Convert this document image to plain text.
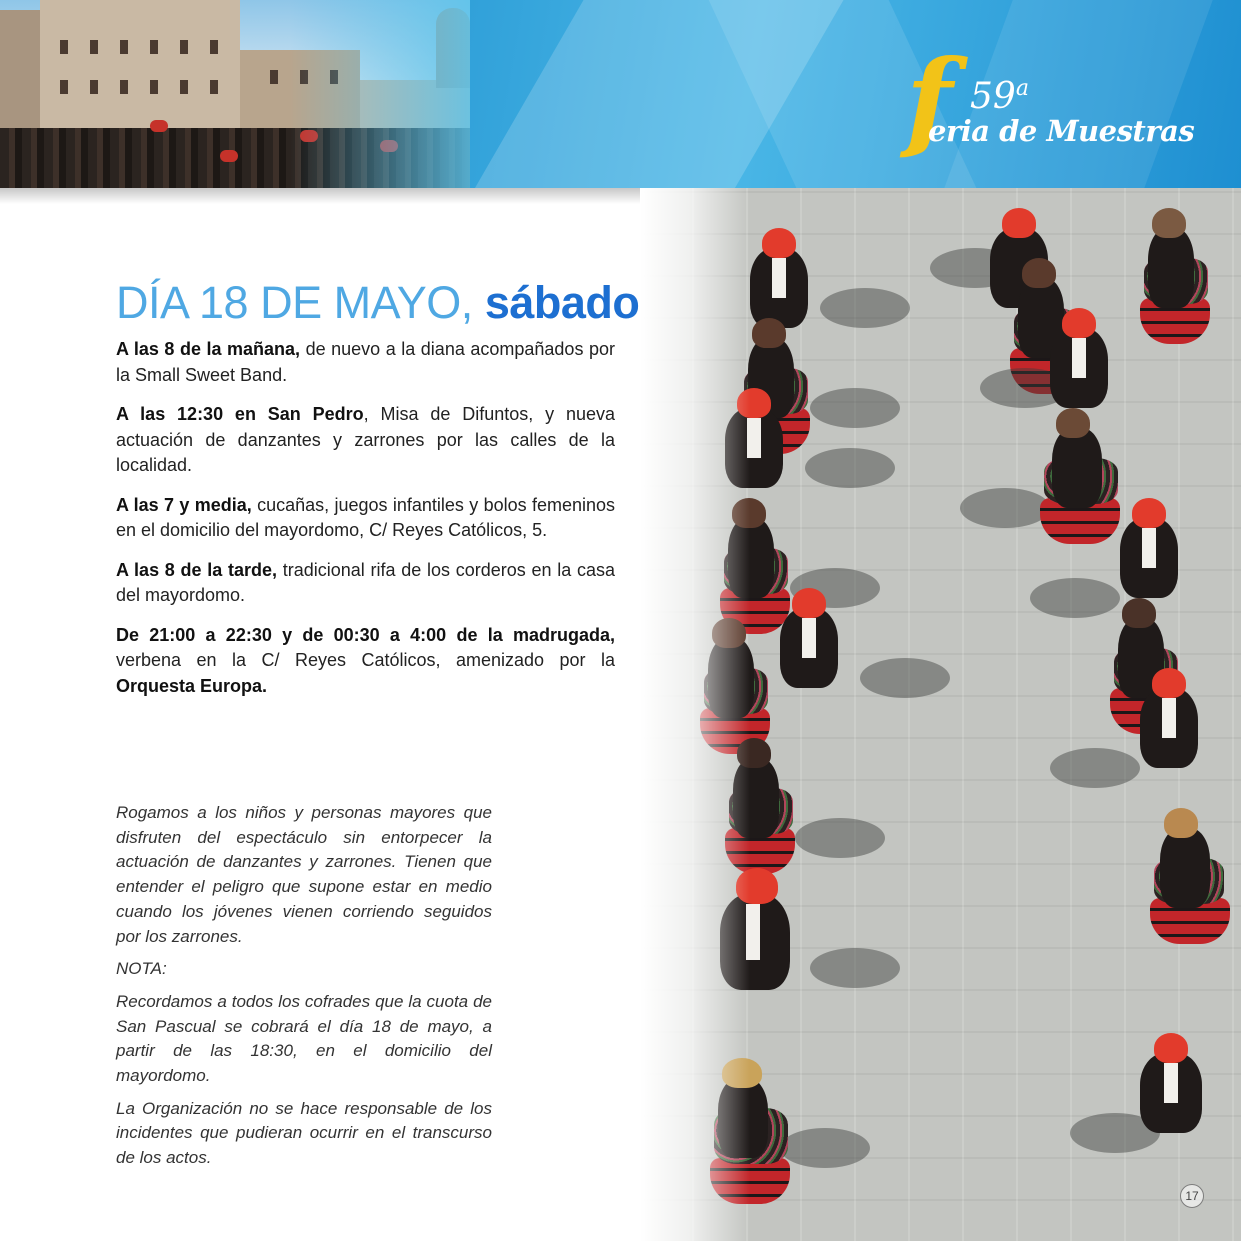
f 59$^a$
eria de Muestras
DÍA 18 DE MAYO, sábado

A las 8 de la mañana, de nuevo a la diana acompañados por la Small Sweet Band.

A las 12:30 en San Pedro, Misa de Difuntos, y nueva actuación de danzantes y zarrones por las calles de la localidad.

A las 7 y media, cucañas, juegos infantiles y bolos femeninos en el domicilio del mayordomo, C/ Reyes Católicos, 5.

A las 8 de la tarde, tradicional rifa de los corderos en la casa del mayordomo.

De 21:00 a 22:30 y de 00:30 a 4:00 de la madrugada, verbena en la C/ Reyes Católicos, amenizado por la Orquesta Europa.

Rogamos a los niños y personas mayores que disfruten del espectáculo sin entorpecer la actuación de danzantes y zarrones. Tienen que entender el peligro que supone estar en medio cuando los jóvenes vienen corriendo seguidos por los zarrones.

NOTA:

Recordamos a todos los cofrades que la cuota de San Pascual se cobrará el día 18 de mayo, a partir de las 18:30, en el domicilio del mayordomo.

La Organización no se hace responsable de los incidentes que pudieran ocurrir en el transcurso de los actos.

17
